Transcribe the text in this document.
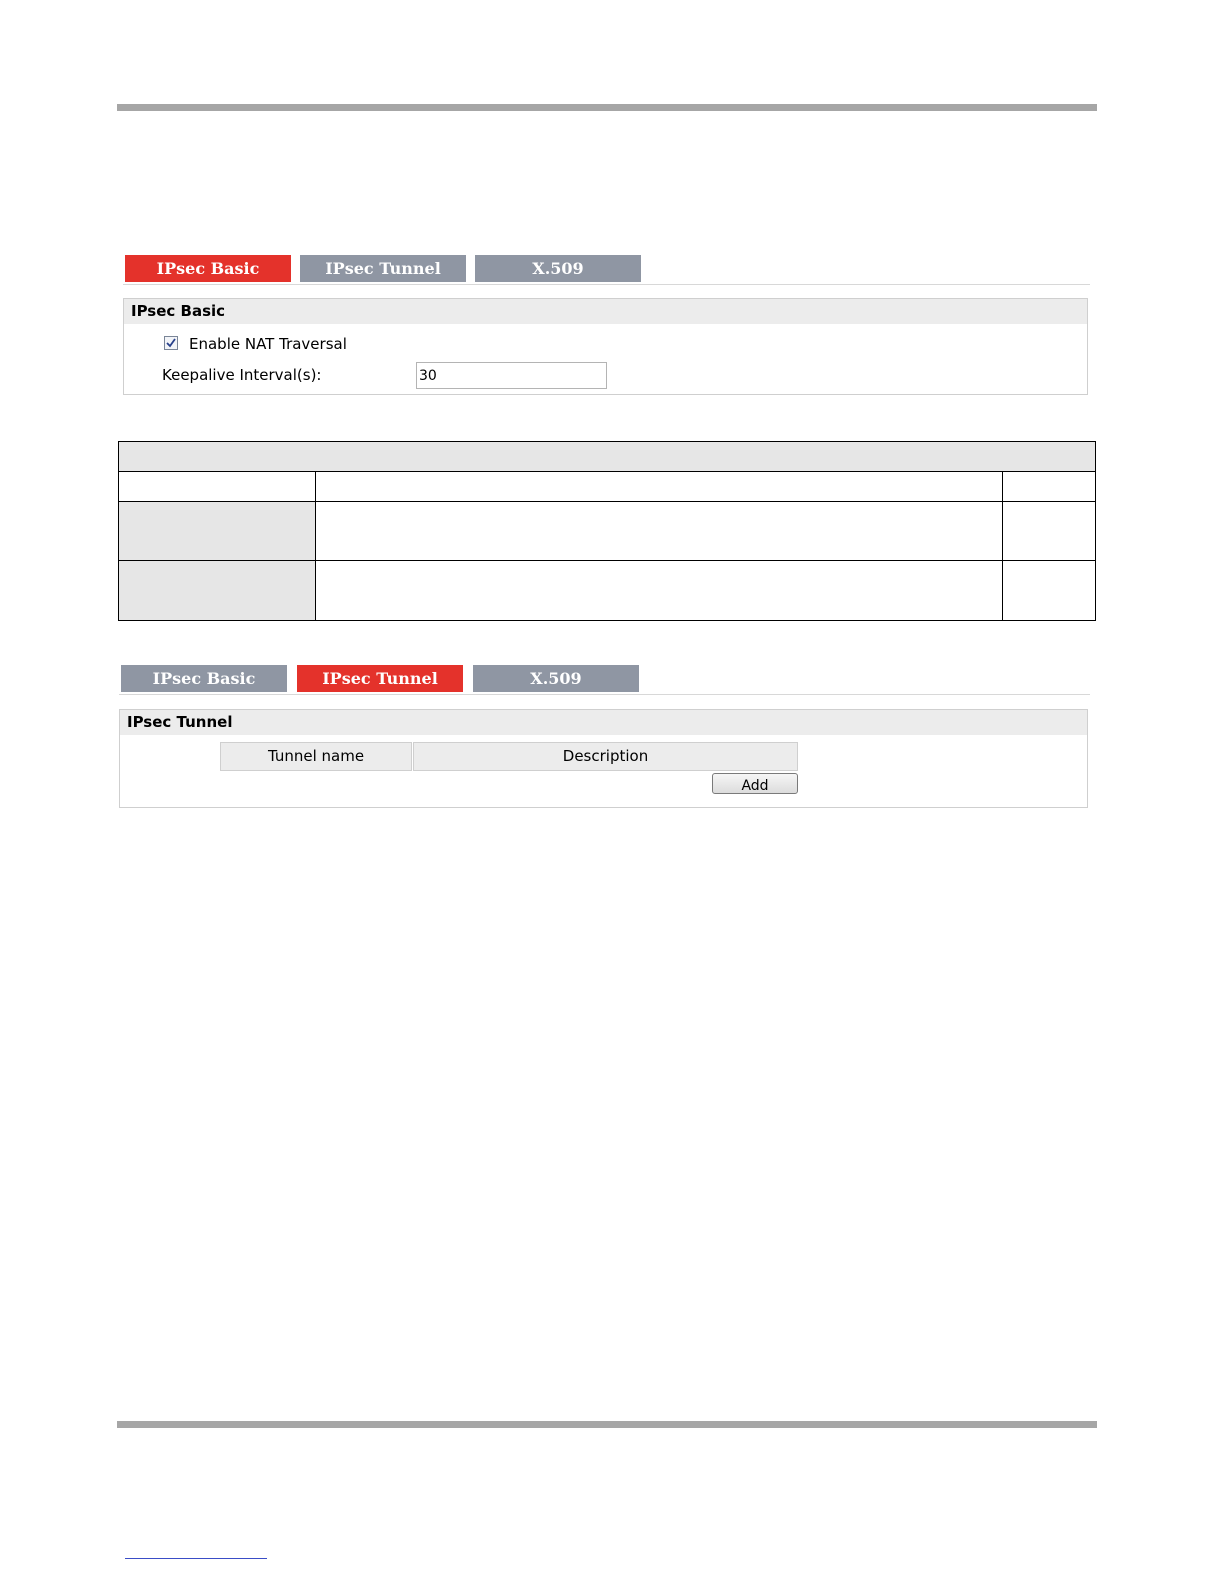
IPsec Basic	IPsec Tunnel	X.509
IPsec Basic
Enable NAT Traversal
Keepalive Interval(s):	30
IPsec Basic	IPsec Tunnel	X.509
IPsec Tunnel
Tunnel name	Description
Add
